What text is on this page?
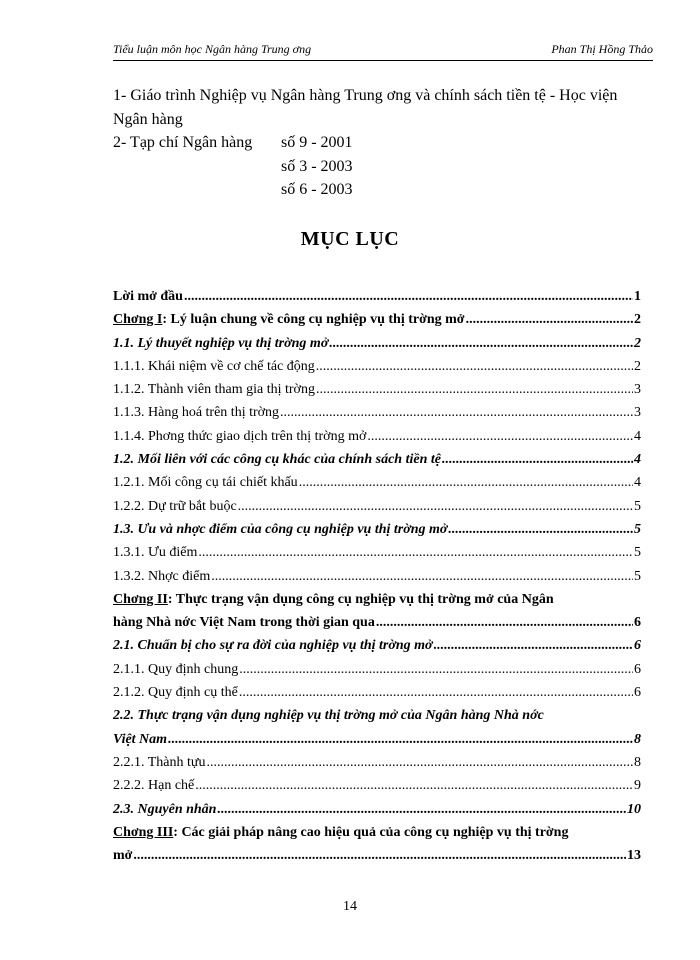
Tiểu luận môn học Ngân hàng Trung ơng	Phan Thị Hồng Thảo
1- Giáo trình Nghiệp vụ Ngân hàng Trung ơng và chính sách tiền tệ - Học viện
Ngân hàng
2- Tạp chí Ngân hàng số 9 - 2001
số 3 - 2003
số 6 - 2003
MỤC LỤC
Lời mở đầu .....	1
Chơng I: Lý luận chung về công cụ nghiệp vụ thị trờng mở .....	2
1.1. Lý thuyết nghiệp vụ thị trờng mở .....	2
1.1.1. Khái niệm về cơ chế tác động .....	2
1.1.2. Thành viên tham gia thị trờng .....	3
1.1.3. Hàng hoá trên thị trờng .....	3
1.1.4. Phơng thức giao dịch trên thị trờng mở .....	4
1.2. Mối liên với các công cụ khác của chính sách tiền tệ .....	4
1.2.1. Mối công cụ tái chiết khấu .....	4
1.2.2. Dự trữ bắt buộc .....	5
1.3. Ưu và nhợc điểm của công cụ nghiệp vụ thị trờng mở .....	5
1.3.1. Ưu điểm .....	5
1.3.2. Nhợc điểm .....	5
Chơng II: Thực trạng vận dụng công cụ nghiệp vụ thị trờng mở của Ngân
hàng Nhà nớc Việt Nam trong thời gian qua .....	6
2.1. Chuẩn bị cho sự ra đời của nghiệp vụ thị trờng mở .....	6
2.1.1. Quy định chung .....	6
2.1.2. Quy định cụ thể .....	6
2.2. Thực trạng vận dụng nghiệp vụ thị trờng mở của Ngân hàng Nhà nớc
Việt Nam .....	8
2.2.1. Thành tựu .....	8
2.2.2. Hạn chế .....	9
2.3. Nguyên nhân .....	10
Chơng III: Các giải pháp nâng cao hiệu quả của công cụ nghiệp vụ thị trờng
mở .....	13
14
